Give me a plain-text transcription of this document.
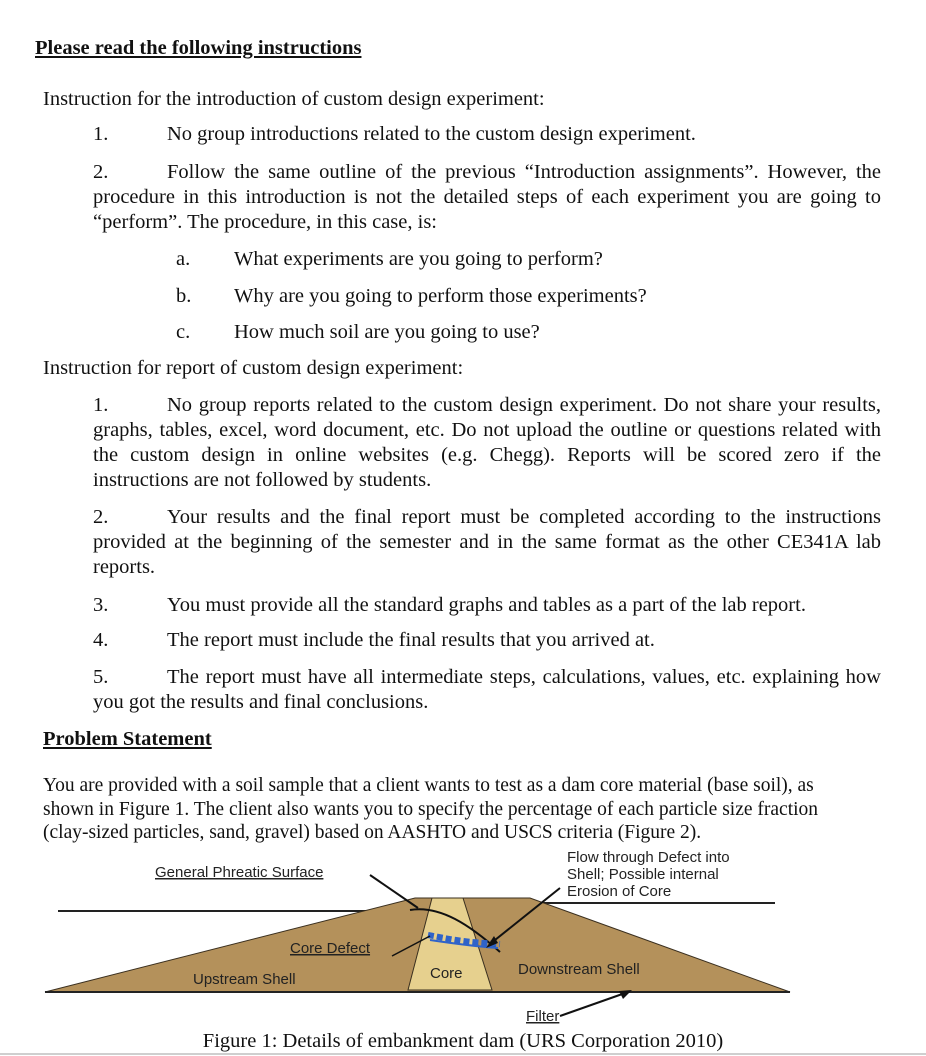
Please read the following instructions
Instruction for the introduction of custom design experiment:
1.	No group introductions related to the custom design experiment.
2.	Follow the same outline of the previous “Introduction assignments”. However, the procedure in this introduction is not the detailed steps of each experiment you are going to “perform”. The procedure, in this case, is:
a. What experiments are you going to perform?
b. Why are you going to perform those experiments?
c. How much soil are you going to use?
Instruction for report of custom design experiment:
1.	No group reports related to the custom design experiment. Do not share your results, graphs, tables, excel, word document, etc. Do not upload the outline or questions related with the custom design in online websites (e.g. Chegg). Reports will be scored zero if the instructions are not followed by students.
2.	Your results and the final report must be completed according to the instructions provided at the beginning of the semester and in the same format as the other CE341A lab reports.
3.	You must provide all the standard graphs and tables as a part of the lab report.
4.	The report must include the final results that you arrived at.
5.	The report must have all intermediate steps, calculations, values, etc. explaining how you got the results and final conclusions.
Problem Statement
You are provided with a soil sample that a client wants to test as a dam core material (base soil), as shown in Figure 1. The client also wants you to specify the percentage of each particle size fraction (clay-sized particles, sand, gravel) based on AASHTO and USCS criteria (Figure 2).
General Phreatic Surface
Flow through Defect into
Shell; Possible internal
Erosion of Core
Core Defect
Core
Upstream Shell
Downstream Shell
Filter
Figure 1: Details of embankment dam (URS Corporation 2010)
